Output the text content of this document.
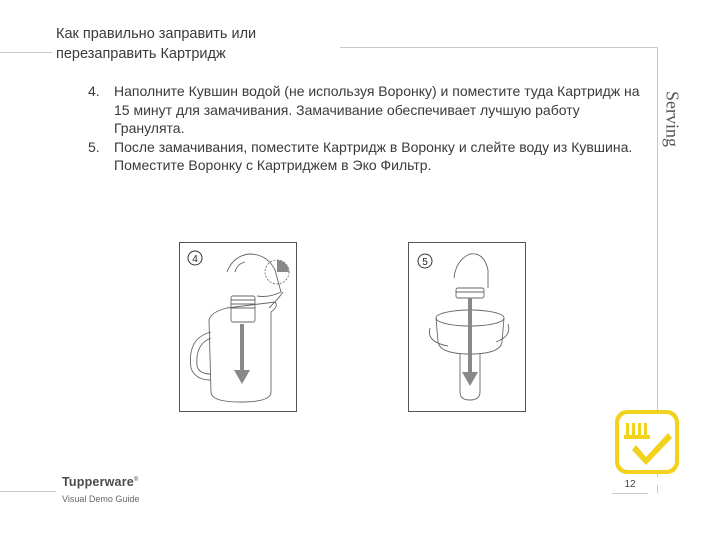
Как правильно заправить или
перезаправить Картридж
Serving
4. Наполните Кувшин водой (не используя Воронку) и поместите туда Картридж на 15 минут для замачивания. Замачивание обеспечивает лучшую работу Гранулята.
5. После замачивания, поместите Картридж в Воронку и слейте воду из Кувшина. Поместите Воронку с Картриджем в Эко Фильтр.
4	5
12
Tupperware®
Visual Demo Guide
